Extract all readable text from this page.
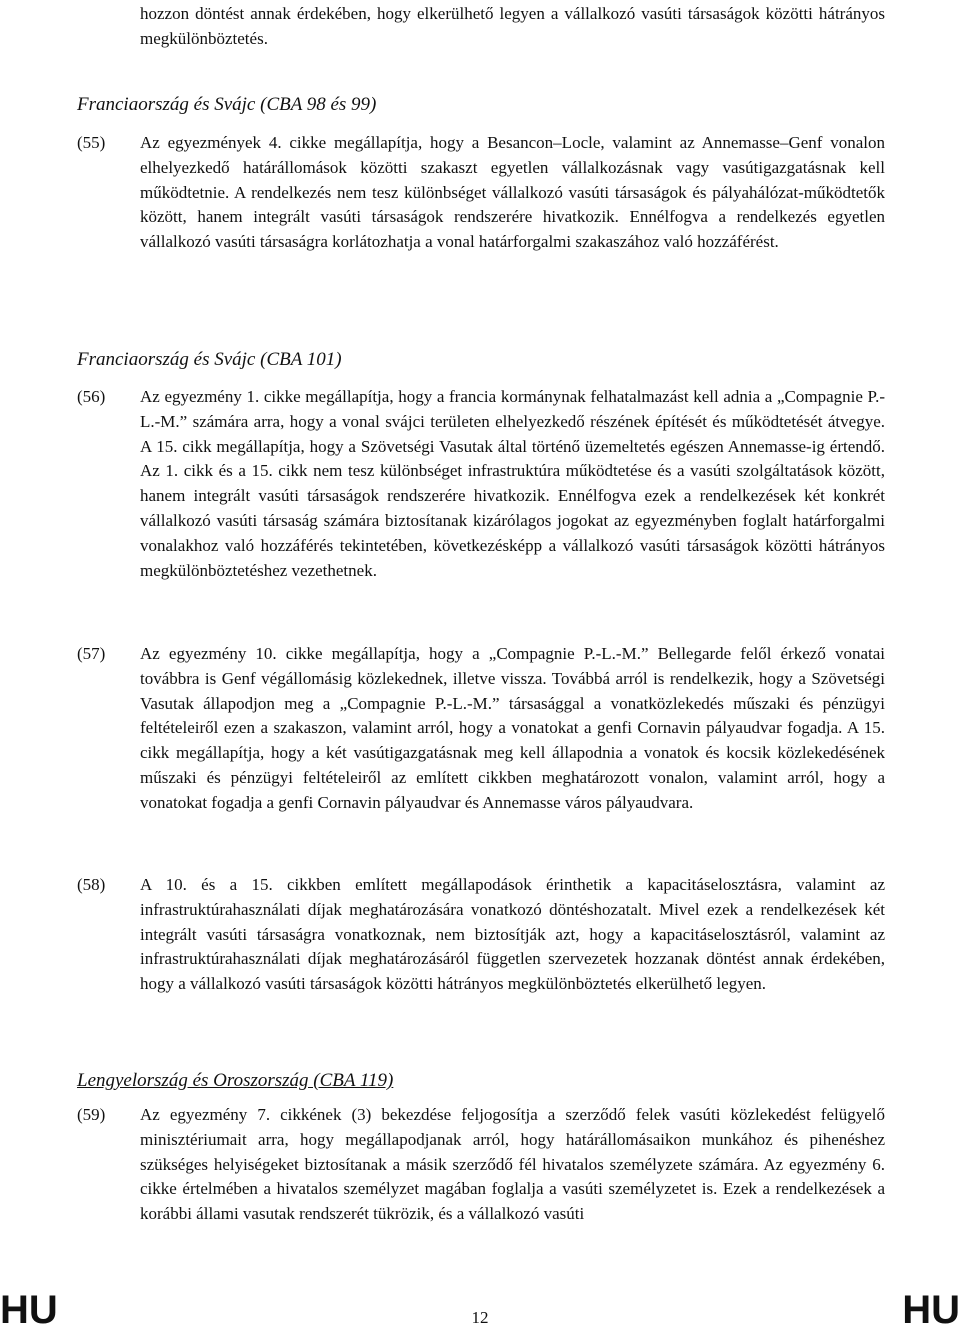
hozzon döntést annak érdekében, hogy elkerülhető legyen a vállalkozó vasúti társaságok közötti hátrányos megkülönböztetés.

Franciaország és Svájc (CBA 98 és 99)
(55)	Az egyezmények 4. cikke megállapítja, hogy a Besancon–Locle, valamint az Annemasse–Genf vonalon elhelyezkedő határállomások közötti szakaszt egyetlen vállalkozásnak vagy vasútigazgatásnak kell működtetnie. A rendelkezés nem tesz különbséget vállalkozó vasúti társaságok és pályahálózat-működtetők között, hanem integrált vasúti társaságok rendszerére hivatkozik. Ennélfogva a rendelkezés egyetlen vállalkozó vasúti társaságra korlátozhatja a vonal határforgalmi szakaszához való hozzáférést.

Franciaország és Svájc (CBA 101)
(56)	Az egyezmény 1. cikke megállapítja, hogy a francia kormánynak felhatalmazást kell adnia a „Compagnie P.-L.-M.” számára arra, hogy a vonal svájci területen elhelyezkedő részének építését és működtetését átvegye. A 15. cikk megállapítja, hogy a Szövetségi Vasutak által történő üzemeltetés egészen Annemasse-ig értendő. Az 1. cikk és a 15. cikk nem tesz különbséget infrastruktúra működtetése és a vasúti szolgáltatások között, hanem integrált vasúti társaságok rendszerére hivatkozik. Ennélfogva ezek a rendelkezések két konkrét vállalkozó vasúti társaság számára biztosítanak kizárólagos jogokat az egyezményben foglalt határforgalmi vonalakhoz való hozzáférés tekintetében, következésképp a vállalkozó vasúti társaságok közötti hátrányos megkülönböztetéshez vezethetnek.

(57)	Az egyezmény 10. cikke megállapítja, hogy a „Compagnie P.-L.-M.” Bellegarde felől érkező vonatai továbbra is Genf végállomásig közlekednek, illetve vissza. Továbbá arról is rendelkezik, hogy a Szövetségi Vasutak állapodjon meg a „Compagnie P.-L.-M.” társasággal a vonatközlekedés műszaki és pénzügyi feltételeiről ezen a szakaszon, valamint arról, hogy a vonatokat a genfi Cornavin pályaudvar fogadja. A 15. cikk megállapítja, hogy a két vasútigazgatásnak meg kell állapodnia a vonatok és kocsik közlekedésének műszaki és pénzügyi feltételeiről az említett cikkben meghatározott vonalon, valamint arról, hogy a vonatokat fogadja a genfi Cornavin pályaudvar és Annemasse város pályaudvara.

(58)	A 10. és a 15. cikkben említett megállapodások érinthetik a kapacitáselosztásra, valamint az infrastruktúrahasználati díjak meghatározására vonatkozó döntéshozatalt. Mivel ezek a rendelkezések két integrált vasúti társaságra vonatkoznak, nem biztosítják azt, hogy a kapacitáselosztásról, valamint az infrastruktúrahasználati díjak meghatározásáról független szervezetek hozzanak döntést annak érdekében, hogy a vállalkozó vasúti társaságok közötti hátrányos megkülönböztetés elkerülhető legyen.

Lengyelország és Oroszország (CBA 119)
(59)	Az egyezmény 7. cikkének (3) bekezdése feljogosítja a szerződő felek vasúti közlekedést felügyelő minisztériumait arra, hogy megállapodjanak arról, hogy határállomásaikon munkához és pihenéshez szükséges helyiségeket biztosítanak a másik szerződő fél hivatalos személyzete számára. Az egyezmény 6. cikke értelmében a hivatalos személyzet magában foglalja a vasúti személyzetet is. Ezek a rendelkezések a korábbi állami vasutak rendszerét tükrözik, és a vállalkozó vasúti

HU	12	HU
